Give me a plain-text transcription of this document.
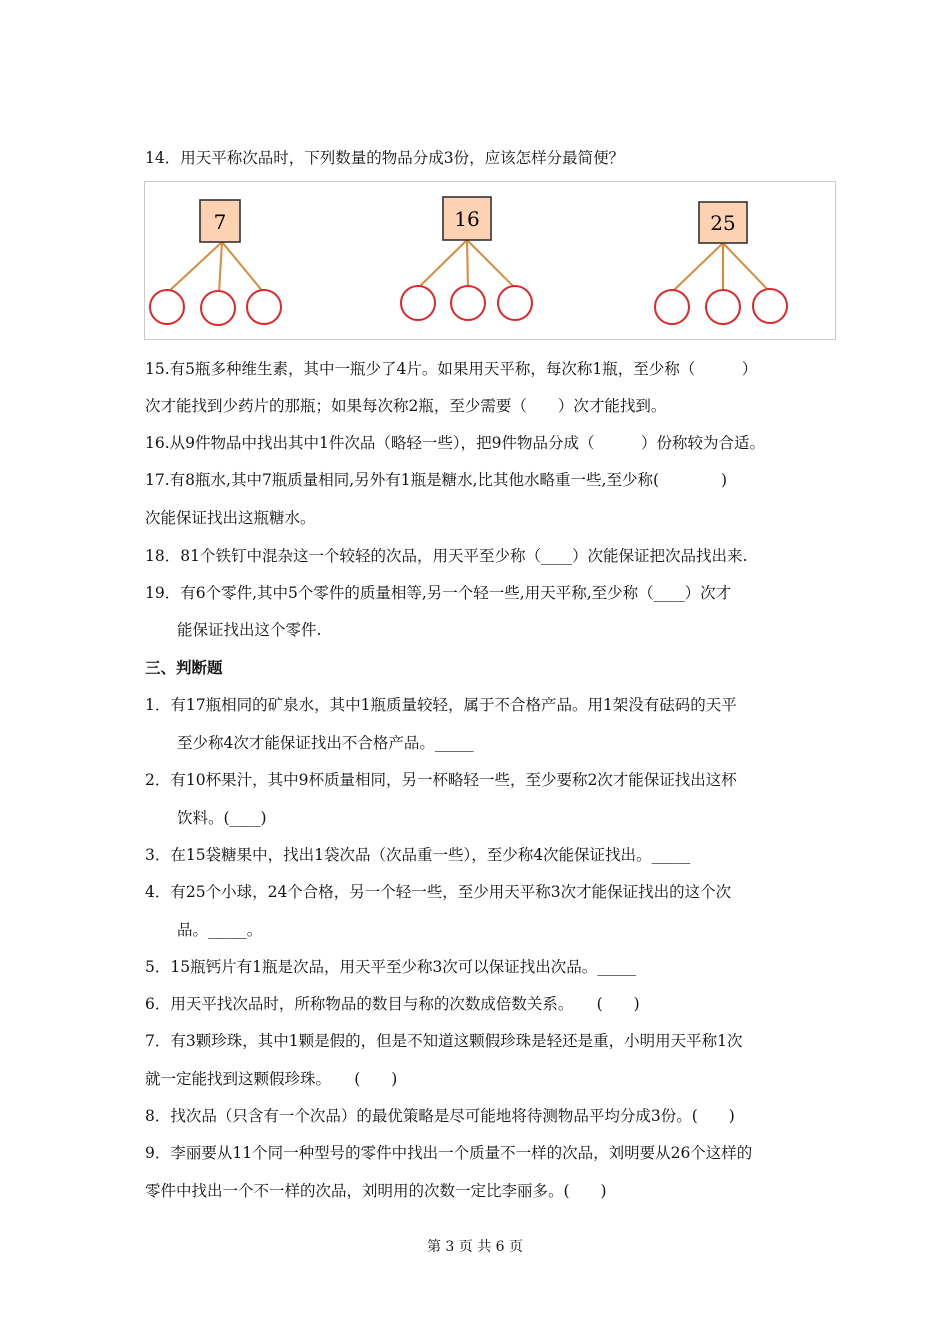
14．用天平称次品时，下列数量的物品分成3份，应该怎样分最简便？
7	16	25
15.有5瓶多种维生素，其中一瓶少了4片。如果用天平称，每次称1瓶，至少称（　　　）
次才能找到少药片的那瓶；如果每次称2瓶，至少需要（　　）次才能找到。
16.从9件物品中找出其中1件次品（略轻一些），把9件物品分成（　　　）份称较为合适。
17.有8瓶水,其中7瓶质量相同,另外有1瓶是糖水,比其他水略重一些,至少称(　　　　)
次能保证找出这瓶糖水。
18．81个铁钉中混杂这一个较轻的次品，用天平至少称（____）次能保证把次品找出来.
19．有6个零件,其中5个零件的质量相等,另一个轻一些,用天平称,至少称（____）次才
能保证找出这个零件.
三、判断题
1．有17瓶相同的矿泉水，其中1瓶质量较轻，属于不合格产品。用1架没有砝码的天平
至少称4次才能保证找出不合格产品。_____
2．有10杯果汁，其中9杯质量相同，另一杯略轻一些，至少要称2次才能保证找出这杯
饮料。(____)
3．在15袋糖果中，找出1袋次品（次品重一些），至少称4次能保证找出。_____
4．有25个小球，24个合格，另一个轻一些，至少用天平称3次才能保证找出的这个次
品。_____。
5．15瓶钙片有1瓶是次品，用天平至少称3次可以保证找出次品。_____
6．用天平找次品时，所称物品的数目与称的次数成倍数关系。　　(　　)
7．有3颗珍珠，其中1颗是假的，但是不知道这颗假珍珠是轻还是重，小明用天平称1次
就一定能找到这颗假珍珠。　　(　　)
8．找次品（只含有一个次品）的最优策略是尽可能地将待测物品平均分成3份。(　　)
9．李丽要从11个同一种型号的零件中找出一个质量不一样的次品，刘明要从26个这样的
零件中找出一个不一样的次品，刘明用的次数一定比李丽多。(　　)
第 3 页 共 6 页
